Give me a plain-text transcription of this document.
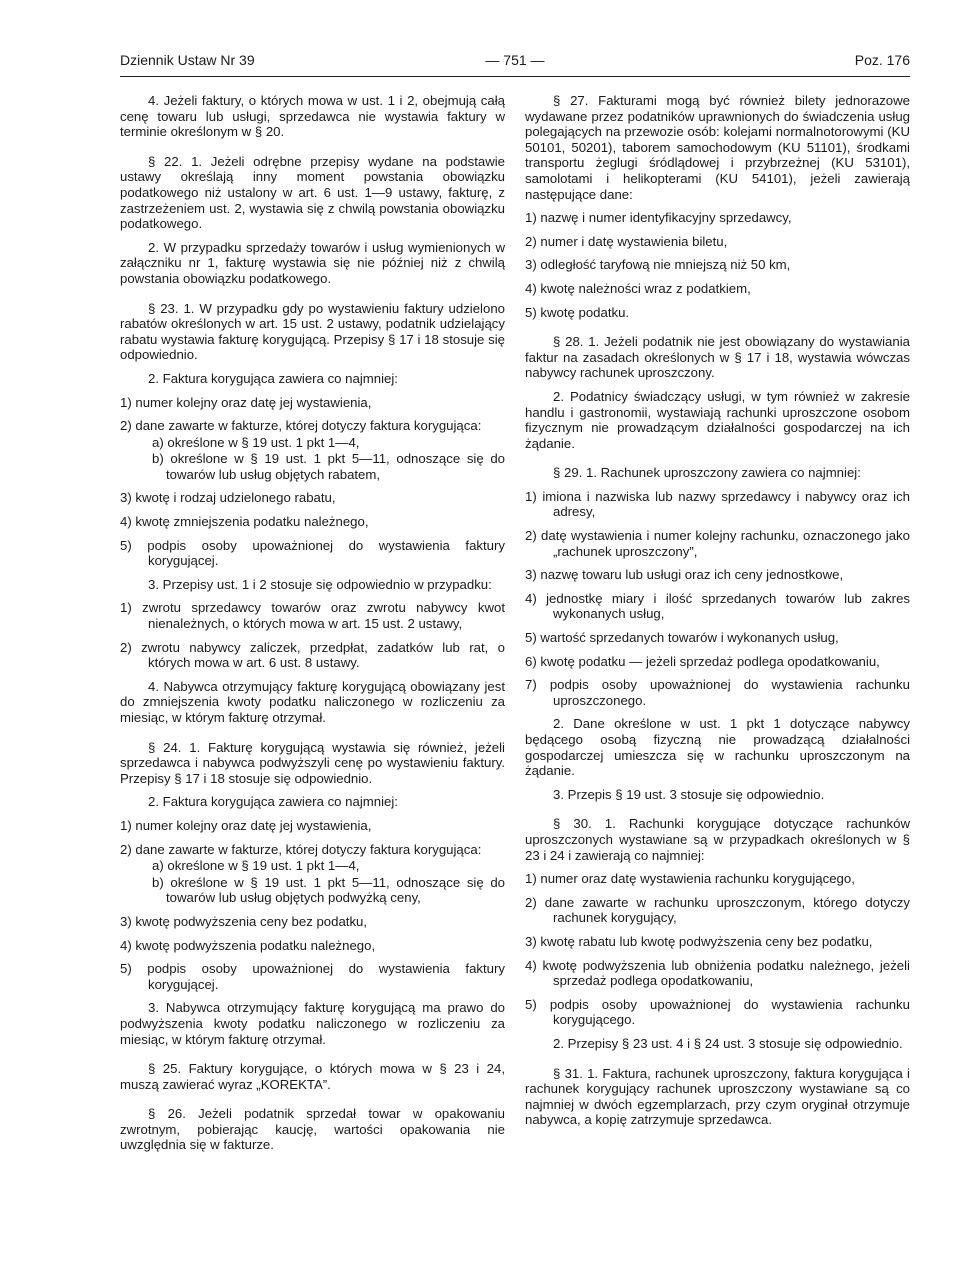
Dziennik Ustaw Nr 39	— 751 —	Poz. 176
4. Jeżeli faktury, o których mowa w ust. 1 i 2, obejmują całą cenę towaru lub usługi, sprzedawca nie wystawia faktury w terminie określonym w § 20.
§ 22. 1. Jeżeli odrębne przepisy wydane na podstawie ustawy określają inny moment powstania obowiązku podatkowego niż ustalony w art. 6 ust. 1—9 ustawy, fakturę, z zastrzeżeniem ust. 2, wystawia się z chwilą powstania obowiązku podatkowego.
2. W przypadku sprzedaży towarów i usług wymienionych w załączniku nr 1, fakturę wystawia się nie później niż z chwilą powstania obowiązku podatkowego.
§ 23. 1. W przypadku gdy po wystawieniu faktury udzielono rabatów określonych w art. 15 ust. 2 ustawy, podatnik udzielający rabatu wystawia fakturę korygującą. Przepisy § 17 i 18 stosuje się odpowiednio.
2. Faktura korygująca zawiera co najmniej:
1) numer kolejny oraz datę jej wystawienia,
2) dane zawarte w fakturze, której dotyczy faktura korygująca:
a) określone w § 19 ust. 1 pkt 1—4,
b) określone w § 19 ust. 1 pkt 5—11, odnoszące się do towarów lub usług objętych rabatem,
3) kwotę i rodzaj udzielonego rabatu,
4) kwotę zmniejszenia podatku należnego,
5) podpis osoby upoważnionej do wystawienia faktury korygującej.
3. Przepisy ust. 1 i 2 stosuje się odpowiednio w przypadku:
1) zwrotu sprzedawcy towarów oraz zwrotu nabywcy kwot nienależnych, o których mowa w art. 15 ust. 2 ustawy,
2) zwrotu nabywcy zaliczek, przedpłat, zadatków lub rat, o których mowa w art. 6 ust. 8 ustawy.
4. Nabywca otrzymujący fakturę korygującą obowiązany jest do zmniejszenia kwoty podatku naliczonego w rozliczeniu za miesiąc, w którym fakturę otrzymał.
§ 24. 1. Fakturę korygującą wystawia się również, jeżeli sprzedawca i nabywca podwyższyli cenę po wystawieniu faktury. Przepisy § 17 i 18 stosuje się odpowiednio.
2. Faktura korygująca zawiera co najmniej:
1) numer kolejny oraz datę jej wystawienia,
2) dane zawarte w fakturze, której dotyczy faktura korygująca:
a) określone w § 19 ust. 1 pkt 1—4,
b) określone w § 19 ust. 1 pkt 5—11, odnoszące się do towarów lub usług objętych podwyżką ceny,
3) kwotę podwyższenia ceny bez podatku,
4) kwotę podwyższenia podatku należnego,
5) podpis osoby upoważnionej do wystawienia faktury korygującej.
3. Nabywca otrzymujący fakturę korygującą ma prawo do podwyższenia kwoty podatku naliczonego w rozliczeniu za miesiąc, w którym fakturę otrzymał.
§ 25. Faktury korygujące, o których mowa w § 23 i 24, muszą zawierać wyraz „KOREKTA”.
§ 26. Jeżeli podatnik sprzedał towar w opakowaniu zwrotnym, pobierając kaucję, wartości opakowania nie uwzględnia się w fakturze.
§ 27. Fakturami mogą być również bilety jednorazowe wydawane przez podatników uprawnionych do świadczenia usług polegających na przewozie osób: kolejami normalnotorowymi (KU 50101, 50201), taborem samochodowym (KU 51101), środkami transportu żeglugi śródlądowej i przybrzeżnej (KU 53101), samolotami i helikopterami (KU 54101), jeżeli zawierają następujące dane:
1) nazwę i numer identyfikacyjny sprzedawcy,
2) numer i datę wystawienia biletu,
3) odległość taryfową nie mniejszą niż 50 km,
4) kwotę należności wraz z podatkiem,
5) kwotę podatku.
§ 28. 1. Jeżeli podatnik nie jest obowiązany do wystawiania faktur na zasadach określonych w § 17 i 18, wystawia wówczas nabywcy rachunek uproszczony.
2. Podatnicy świadczący usługi, w tym również w zakresie handlu i gastronomii, wystawiają rachunki uproszczone osobom fizycznym nie prowadzącym działalności gospodarczej na ich żądanie.
§ 29. 1. Rachunek uproszczony zawiera co najmniej:
1) imiona i nazwiska lub nazwy sprzedawcy i nabywcy oraz ich adresy,
2) datę wystawienia i numer kolejny rachunku, oznaczonego jako „rachunek uproszczony”,
3) nazwę towaru lub usługi oraz ich ceny jednostkowe,
4) jednostkę miary i ilość sprzedanych towarów lub zakres wykonanych usług,
5) wartość sprzedanych towarów i wykonanych usług,
6) kwotę podatku — jeżeli sprzedaż podlega opodatkowaniu,
7) podpis osoby upoważnionej do wystawienia rachunku uproszczonego.
2. Dane określone w ust. 1 pkt 1 dotyczące nabywcy będącego osobą fizyczną nie prowadzącą działalności gospodarczej umieszcza się w rachunku uproszczonym na żądanie.
3. Przepis § 19 ust. 3 stosuje się odpowiednio.
§ 30. 1. Rachunki korygujące dotyczące rachunków uproszczonych wystawiane są w przypadkach określonych w § 23 i 24 i zawierają co najmniej:
1) numer oraz datę wystawienia rachunku korygującego,
2) dane zawarte w rachunku uproszczonym, którego dotyczy rachunek korygujący,
3) kwotę rabatu lub kwotę podwyższenia ceny bez podatku,
4) kwotę podwyższenia lub obniżenia podatku należnego, jeżeli sprzedaż podlega opodatkowaniu,
5) podpis osoby upoważnionej do wystawienia rachunku korygującego.
2. Przepisy § 23 ust. 4 i § 24 ust. 3 stosuje się odpowiednio.
§ 31. 1. Faktura, rachunek uproszczony, faktura korygująca i rachunek korygujący rachunek uproszczony wystawiane są co najmniej w dwóch egzemplarzach, przy czym oryginał otrzymuje nabywca, a kopię zatrzymuje sprzedawca.
